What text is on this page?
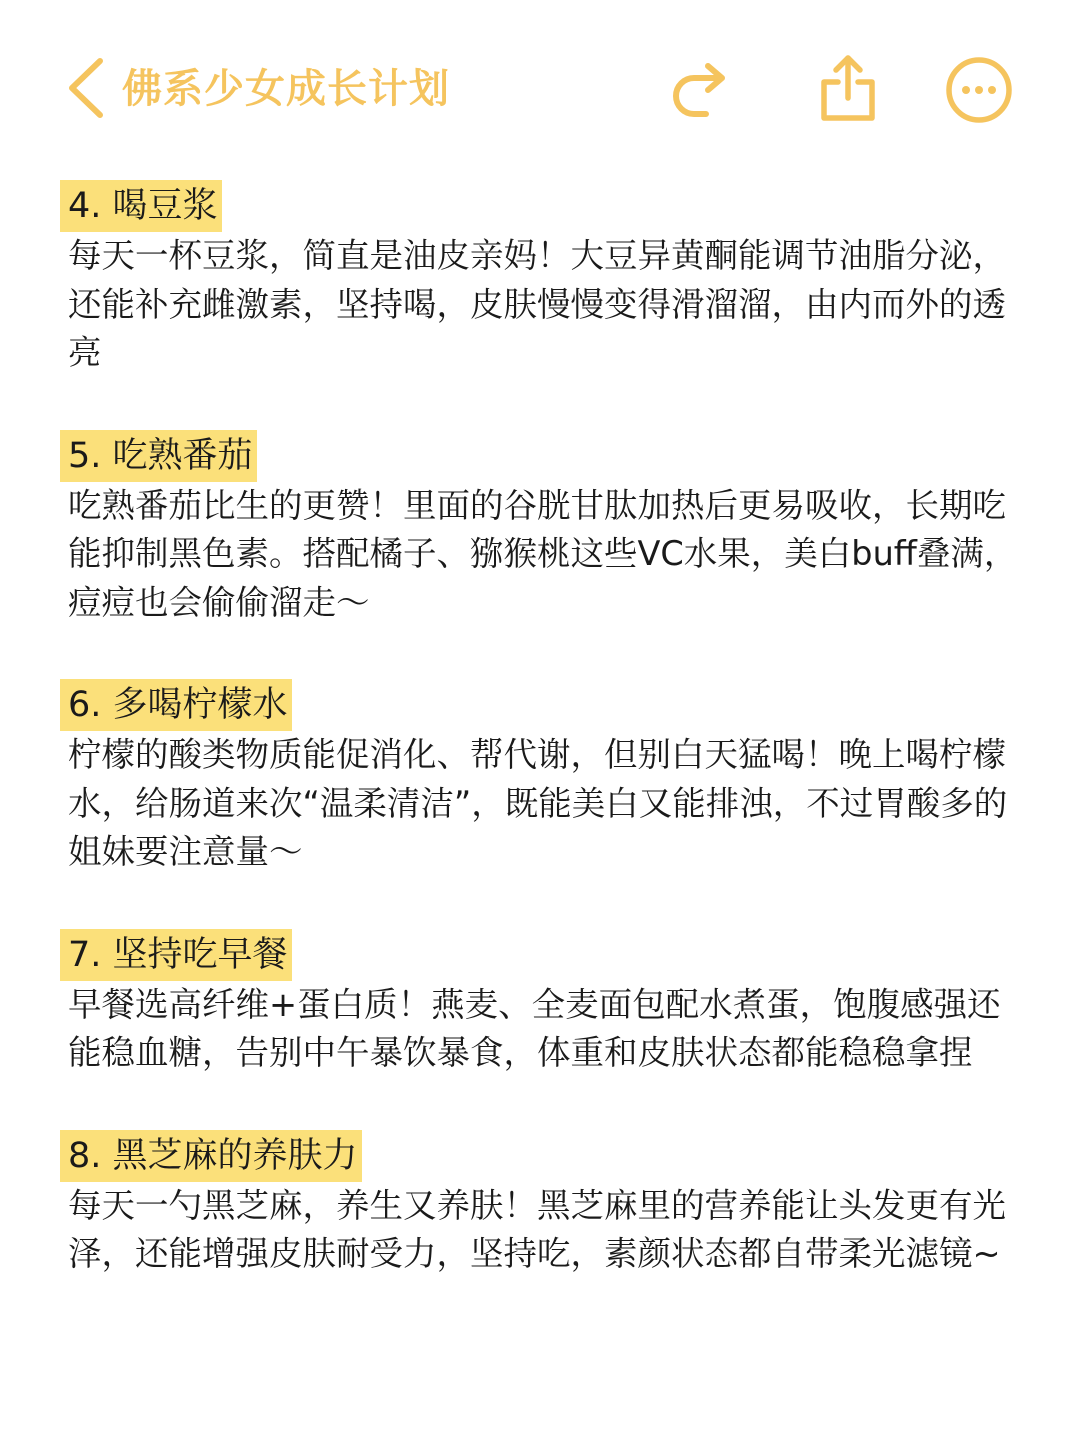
佛系少女成长计划
4. 喝豆浆

每天一杯豆浆，简直是油皮亲妈！大豆异黄酮能调节油脂分泌，还能补充雌激素，坚持喝，皮肤慢慢变得滑溜溜，由内而外的透亮

5. 吃熟番茄

吃熟番茄比生的更赞！里面的谷胱甘肽加热后更易吸收，长期吃能抑制黑色素。搭配橘子、猕猴桃这些VC水果，美白buff叠满，痘痘也会偷偷溜走～

6. 多喝柠檬水

柠檬的酸类物质能促消化、帮代谢，但别白天猛喝！晚上喝柠檬水，给肠道来次“温柔清洁”，既能美白又能排浊，不过胃酸多的姐妹要注意量～

7. 坚持吃早餐

早餐选高纤维+蛋白质！燕麦、全麦面包配水煮蛋，饱腹感强还能稳血糖，告别中午暴饮暴食，体重和皮肤状态都能稳稳拿捏

8. 黑芝麻的养肤力

每天一勺黑芝麻，养生又养肤！黑芝麻里的营养能让头发更有光泽，还能增强皮肤耐受力，坚持吃，素颜状态都自带柔光滤镜~
